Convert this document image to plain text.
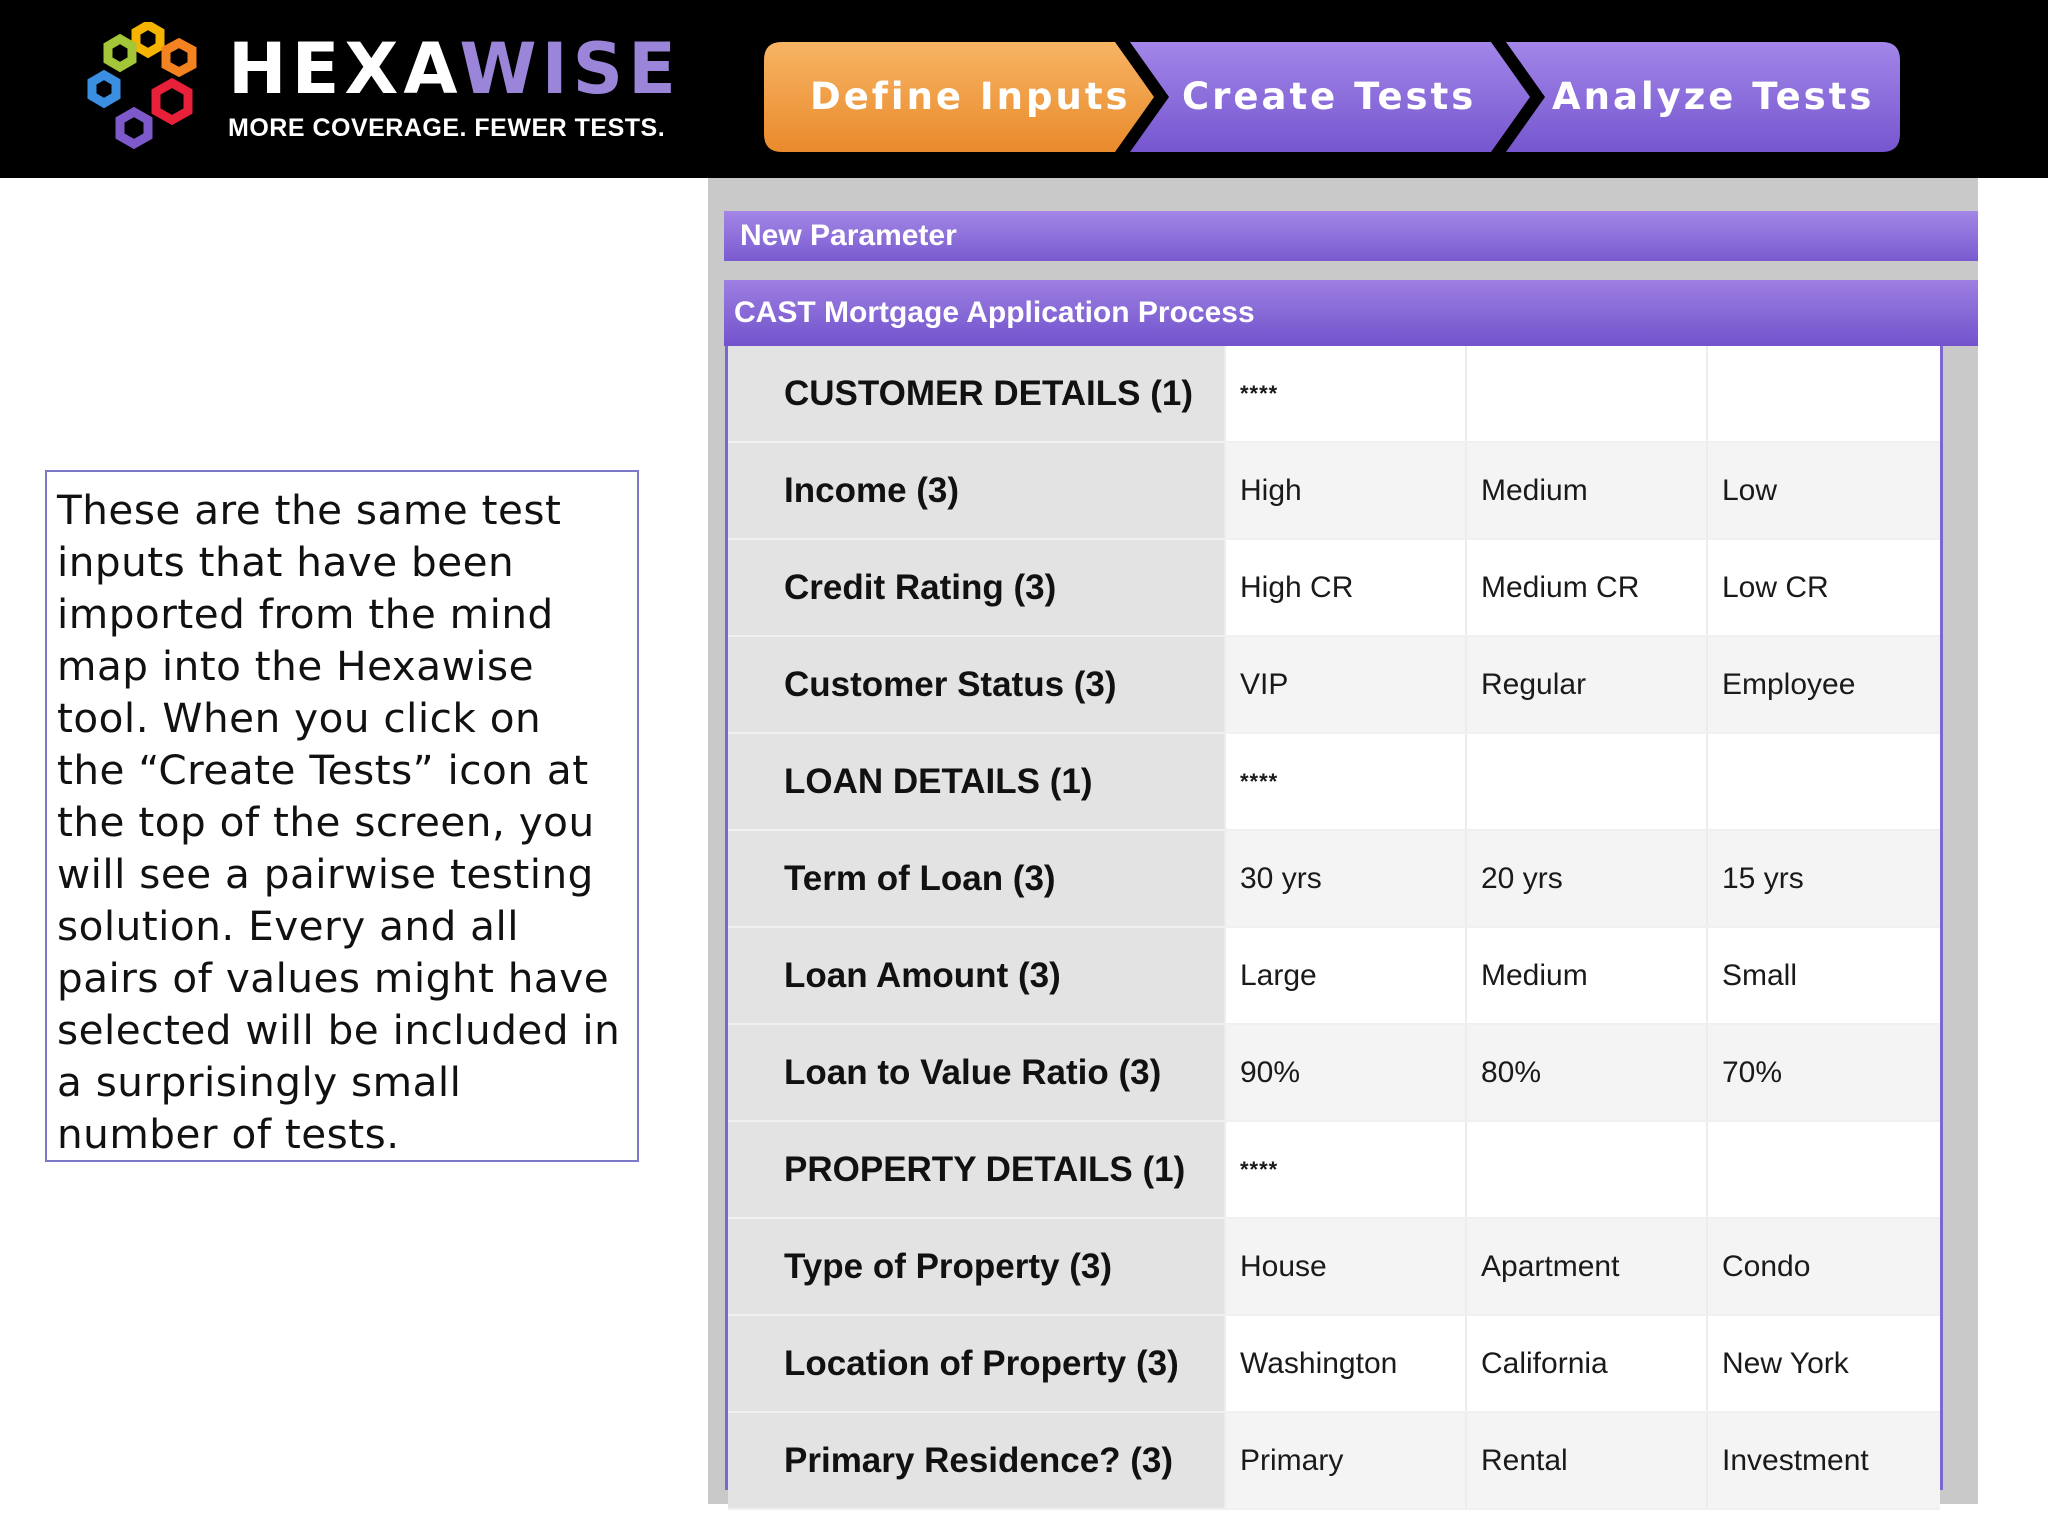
HEXAWISE
MORE COVERAGE. FEWER TESTS.
Define Inputs Create Tests Analyze Tests
These are the same test
inputs that have been
imported from the mind
map into the Hexawise
tool. When you click on
the “Create Tests” icon at
the top of the screen, you
will see a pairwise testing
solution. Every and all
pairs of values might have
selected will be included in
a surprisingly small
number of tests.
New Parameter
CAST Mortgage Application Process
CUSTOMER DETAILS (1)	****		
Income (3)	High	Medium	Low
Credit Rating (3)	High CR	Medium CR	Low CR
Customer Status (3)	VIP	Regular	Employee
LOAN DETAILS (1)	****		
Term of Loan (3)	30 yrs	20 yrs	15 yrs
Loan Amount (3)	Large	Medium	Small
Loan to Value Ratio (3)	90%	80%	70%
PROPERTY DETAILS (1)	****		
Type of Property (3)	House	Apartment	Condo
Location of Property (3)	Washington	California	New York
Primary Residence? (3)	Primary	Rental	Investment
